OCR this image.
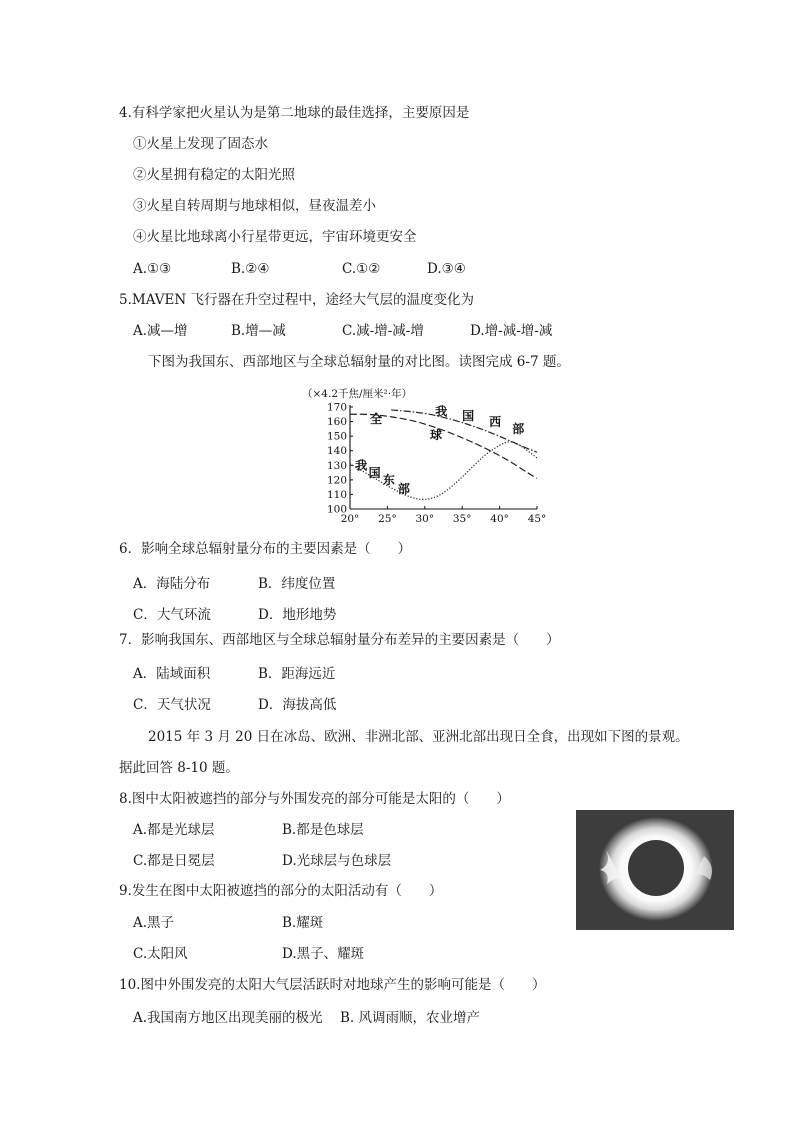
4.有科学家把火星认为是第二地球的最佳选择，主要原因是
①火星上发现了固态水
②火星拥有稳定的太阳光照
③火星自转周期与地球相似，昼夜温差小
④火星比地球离小行星带更远，宇宙环境更安全
A.①③	B.②④	C.①②	D.③④
5.MAVEN 飞行器在升空过程中，途经大气层的温度变化为
A.减—增	B.增—减	C.减-增-减-增	D.增-减-增-减
下图为我国东、西部地区与全球总辐射量的对比图。读图完成 6-7 题。
（×4.2千焦/厘米²·年）
100
110
120
130
140
150
160
170
20° 25° 30° 35° 40° 45°
我 国 西
部
全
球
我
国
东
部
6．影响全球总辐射量分布的主要因素是（　　）
A．海陆分布	B．纬度位置
C．大气环流	D．地形地势
7．影响我国东、西部地区与全球总辐射量分布差异的主要因素是（　　）
A．陆域面积	B．距海远近
C．天气状况	D．海拔高低
2015 年 3 月 20 日在冰岛、欧洲、非洲北部、亚洲北部出现日全食，出现如下图的景观。
据此回答 8-10 题。
8.图中太阳被遮挡的部分与外围发亮的部分可能是太阳的（　　）
A.都是光球层	B.都是色球层
C.都是日冕层	D.光球层与色球层
9.发生在图中太阳被遮挡的部分的太阳活动有（　　）
A.黑子	B.耀斑
C.太阳风	D.黑子、耀斑
10.图中外围发亮的太阳大气层活跃时对地球产生的影响可能是（　　）
A.我国南方地区出现美丽的极光 B. 风调雨顺，农业增产
